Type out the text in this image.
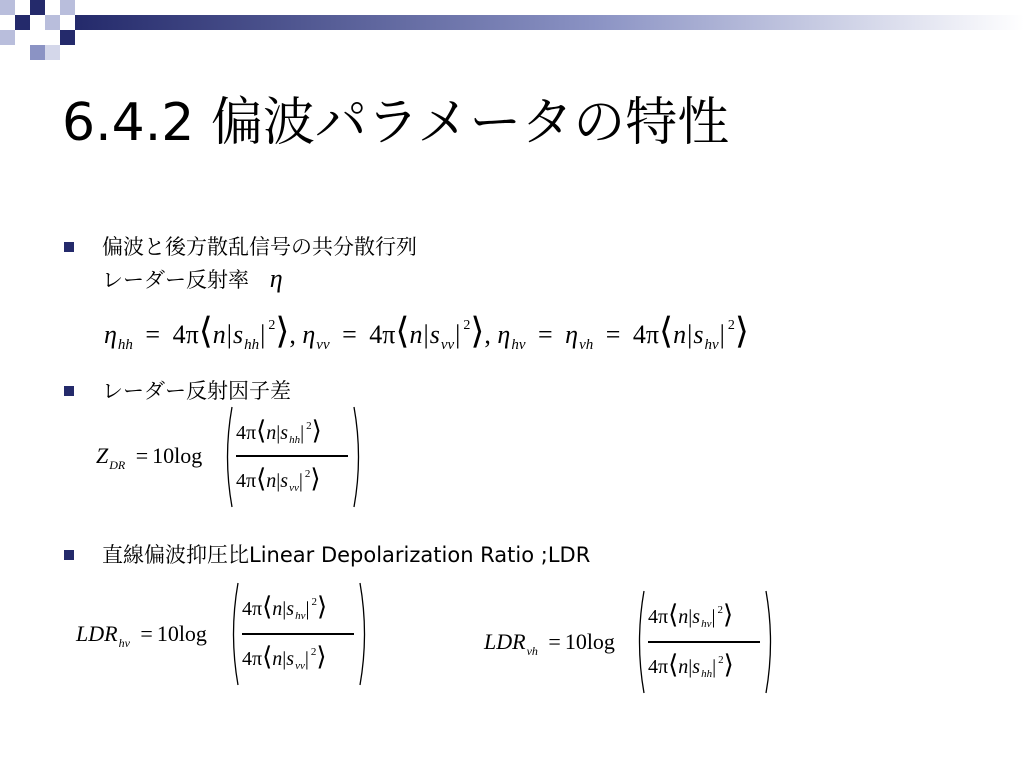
6.4.2 偏波パラメータの特性
偏波と後方散乱信号の共分散行列
レーダー反射率 η
$\eta_{hh}$ = $4\pi⟨n|s_{hh}|$ $^2$⟩, $\eta_{vv}$ = $4\pi⟨n|s_{vv}|$ $^2$⟩, $\eta_{hv} = \eta_{vh}$ = $4\pi⟨n|s_{hv}|$ $^2$⟩
レーダー反射因子差
$Z_{DR} = 10\log$
$4\pi⟨n|s_{hh}|$ $^2$⟩
$4\pi⟨n|s_{vv}|$ $^2$⟩
直線偏波抑圧比Linear Depolarization Ratio ;LDR
$LDR_{hv} = 10\log$
$4\pi⟨n|s_{hv}|$ $^2$⟩
$4\pi⟨n|s_{vv}|$ $^2$⟩
$LDR_{vh} = 10\log$
$4\pi⟨n|s_{hv}|$ $^2$⟩
$4\pi⟨n|s_{hh}|$ $^2$⟩
